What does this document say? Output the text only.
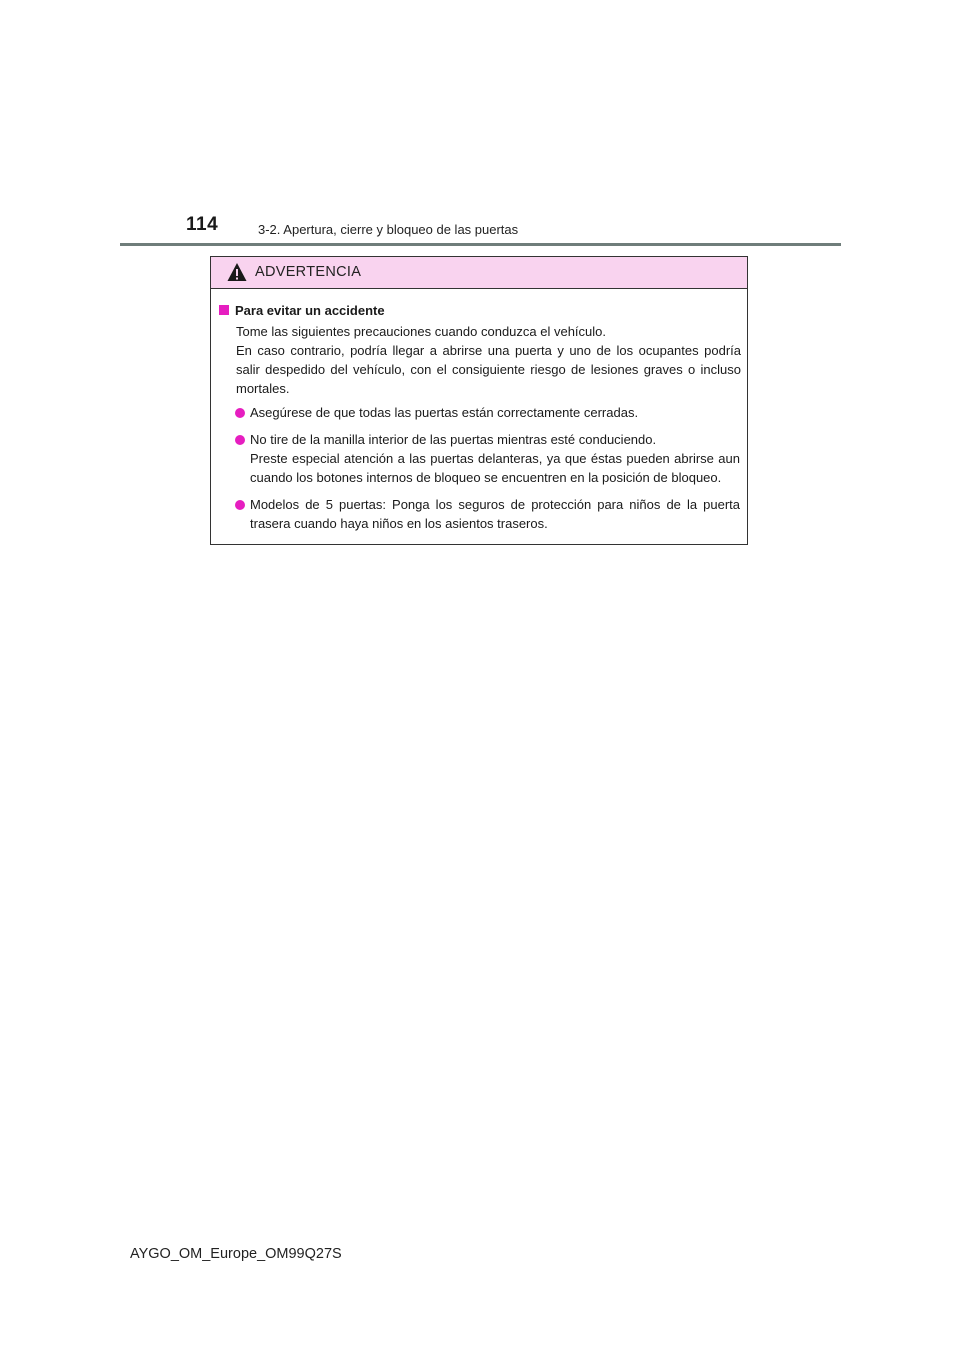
114	3-2. Apertura, cierre y bloqueo de las puertas
ADVERTENCIA
Para evitar un accidente
Tome las siguientes precauciones cuando conduzca el vehículo.
En caso contrario, podría llegar a abrirse una puerta y uno de los ocupantes podría salir despedido del vehículo, con el consiguiente riesgo de lesiones graves o incluso mortales.
Asegúrese de que todas las puertas están correctamente cerradas.
No tire de la manilla interior de las puertas mientras esté conduciendo.
Preste especial atención a las puertas delanteras, ya que éstas pueden abrirse aun cuando los botones internos de bloqueo se encuentren en la posición de bloqueo.
Modelos de 5 puertas: Ponga los seguros de protección para niños de la puerta trasera cuando haya niños en los asientos traseros.
AYGO_OM_Europe_OM99Q27S
